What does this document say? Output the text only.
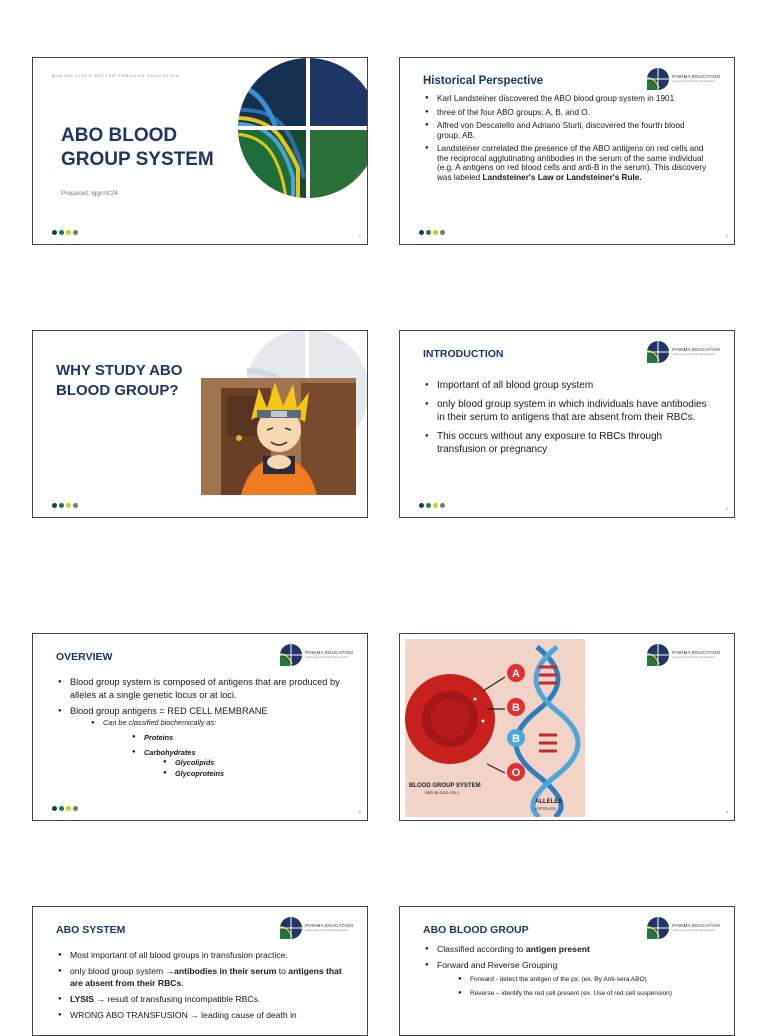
MAKING LIVES BETTER THROUGH EDUCATION
ABO BLOOD
GROUP SYSTEM
Prepared: lggrmt'24
1
Historical Perspective	PHINMA EDUCATION
making lives better through education
● Karl Landsteiner discovered the ABO blood group system in 1901
● three of the four ABO groups: A, B, and O.
● Alfred von Descatello and Adriano Sturli, discovered the fourth blood group, AB.
● Landsteiner correlated the presence of the ABO antigens on red cells and the reciprocal agglutinating antibodies in the serum of the same individual (e.g. A antigens on red blood cells and anti-B in the serum). This discovery was labeled Landsteiner's Law or Landsteiner's Rule.
2
WHY STUDY ABO
BLOOD GROUP?
INTRODUCTION	PHINMA EDUCATION
making lives better through education
● Important of all blood group system
● only blood group system in which individuals have antibodies in their serum to antigens that are absent from their RBCs.
● This occurs without any exposure to RBCs through transfusion or pregnancy
4
OVERVIEW	PHINMA EDUCATION
making lives better through education
● Blood group system is composed of antigens that are produced by alleles at a single genetic locus or at loci.
● Blood group antigens = RED CELL MEMBRANE
● Can be classified biochemically as:
● Proteins
● Carbohydrates
● Glycolipids
● Glycoproteins
5
PHINMA EDUCATION
making lives better through education
A
B
B
O
BLOOD GROUP SYSTEM
RED BLOOD CELL
ALLELES
(OPTELES)
6
ABO SYSTEM	PHINMA EDUCATION
making lives better through education
● Most important of all blood groups in transfusion practice.
● only blood group system →antibodies in their serum to antigens that are absent from their RBCs.
● LYSIS → result of transfusing incompatible RBCs.
● WRONG ABO TRANSFUSION → leading cause of death in
ABO BLOOD GROUP	PHINMA EDUCATION
making lives better through education
● Classified according to antigen present
● Forward and Reverse Grouping
● Forward - detect the antigen of the px: (ex. By Anti-sera ABO)
● Reverse – identify the red cell present (ex. Use of red cell suspension)
